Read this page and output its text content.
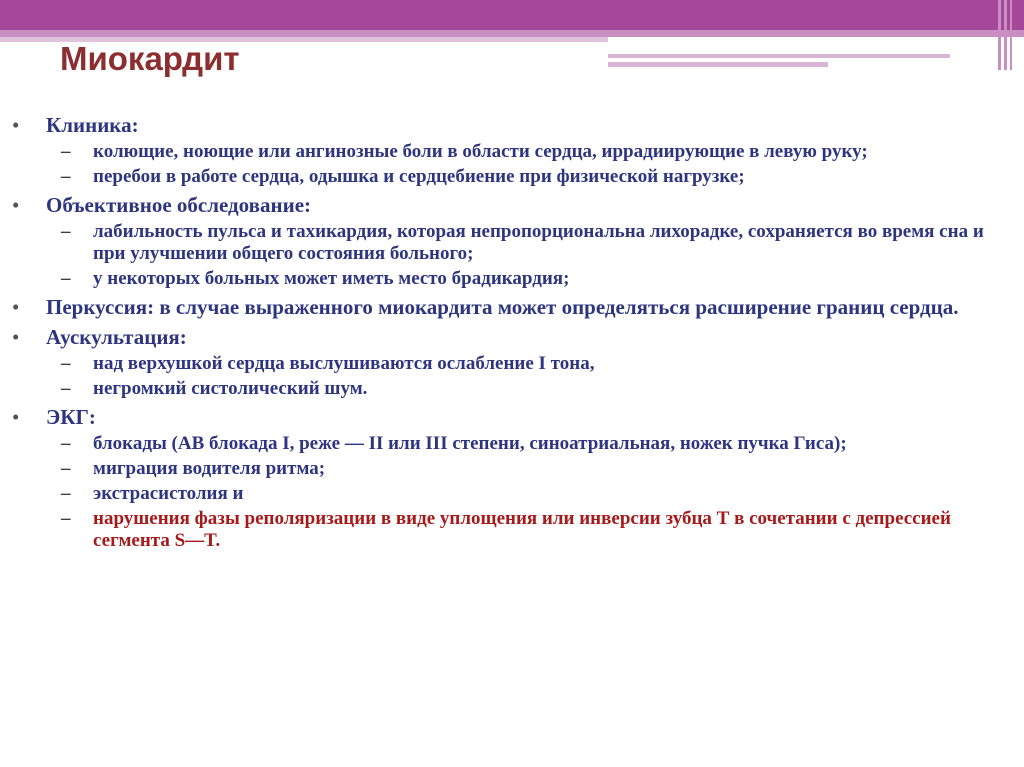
Миокардит
• Клиника:
– колющие, ноющие или ангинозные боли в области сердца, иррадиирующие в левую руку;
– перебои в работе сердца, одышка и сердцебиение при физической нагрузке;
• Объективное обследование:
– лабильность пульса и тахикардия, которая непропорциональна лихорадке, сохраняется во время сна и при улучшении общего состояния больного;
– у некоторых больных может иметь место брадикардия;
• Перкуссия: в случае выраженного миокардита может определяться расширение границ сердца.
• Аускультация:
– над верхушкой сердца выслушиваются ослабление I тона,
– негромкий систолический шум.
• ЭКГ:
– блокады (АВ блокада I, реже — II или III степени, синоатриальная, ножек пучка Гиса);
– миграция водителя ритма;
– экстрасистолия и
– нарушения фазы реполяризации в виде уплощения или инверсии зубца Т в сочетании с депрессией сегмента S—T.
